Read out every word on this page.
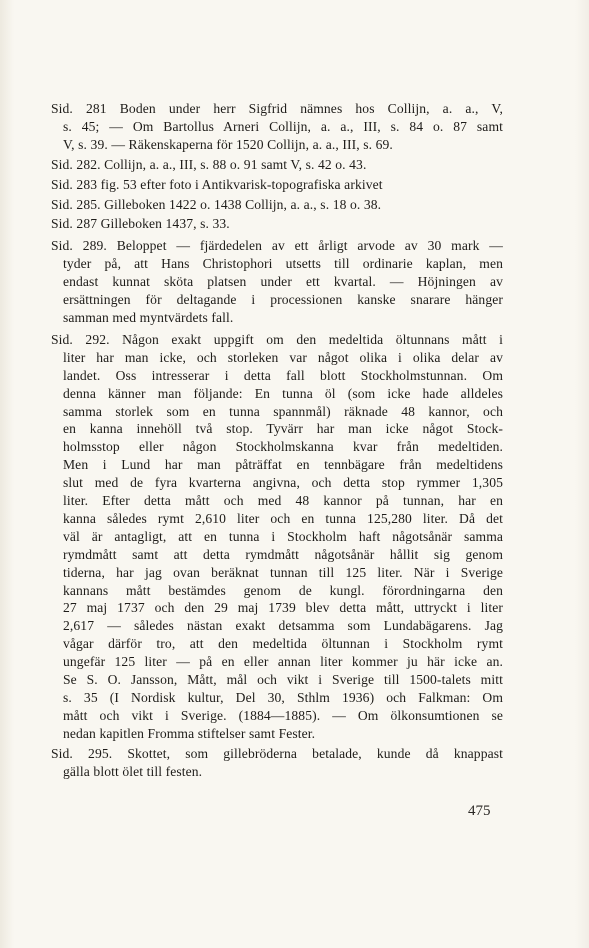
Sid. 281 Boden under herr Sigfrid nämnes hos Collijn, a. a., V,
s. 45; — Om Bartollus Arneri Collijn, a. a., III, s. 84 o. 87 samt
V, s. 39. — Räkenskaperna för 1520 Collijn, a. a., III, s. 69.
Sid. 282. Collijn, a. a., III, s. 88 o. 91 samt V, s. 42 o. 43.
Sid. 283 fig. 53 efter foto i Antikvarisk-topografiska arkivet
Sid. 285. Gilleboken 1422 o. 1438 Collijn, a. a., s. 18 o. 38.
Sid. 287 Gilleboken 1437, s. 33.
Sid. 289. Beloppet — fjärdedelen av ett årligt arvode av 30 mark —
tyder på, att Hans Christophori utsetts till ordinarie kaplan, men
endast kunnat sköta platsen under ett kvartal. — Höjningen av
ersättningen för deltagande i processionen kanske snarare hänger
samman med myntvärdets fall.
Sid. 292. Någon exakt uppgift om den medeltida öltunnans mått i
liter har man icke, och storleken var något olika i olika delar av
landet. Oss intresserar i detta fall blott Stockholmstunnan. Om
denna känner man följande: En tunna öl (som icke hade alldeles
samma storlek som en tunna spannmål) räknade 48 kannor, och
en kanna innehöll två stop. Tyvärr har man icke något Stock-
holmsstop eller någon Stockholmskanna kvar från medeltiden.
Men i Lund har man påträffat en tennbägare från medeltidens
slut med de fyra kvarterna angivna, och detta stop rymmer 1,305
liter. Efter detta mått och med 48 kannor på tunnan, har en
kanna således rymt 2,610 liter och en tunna 125,280 liter. Då det
väl är antagligt, att en tunna i Stockholm haft någotsånär samma
rymdmått samt att detta rymdmått någotsånär hållit sig genom
tiderna, har jag ovan beräknat tunnan till 125 liter. När i Sverige
kannans mått bestämdes genom de kungl. förordningarna den
27 maj 1737 och den 29 maj 1739 blev detta mått, uttryckt i liter
2,617 — således nästan exakt detsamma som Lundabägarens. Jag
vågar därför tro, att den medeltida öltunnan i Stockholm rymt
ungefär 125 liter — på en eller annan liter kommer ju här icke an.
Se S. O. Jansson, Mått, mål och vikt i Sverige till 1500-talets mitt
s. 35 (I Nordisk kultur, Del 30, Sthlm 1936) och Falkman: Om
mått och vikt i Sverige. (1884—1885). — Om ölkonsumtionen se
nedan kapitlen Fromma stiftelser samt Fester.
Sid. 295. Skottet, som gillebröderna betalade, kunde då knappast
gälla blott ölet till festen.
475
